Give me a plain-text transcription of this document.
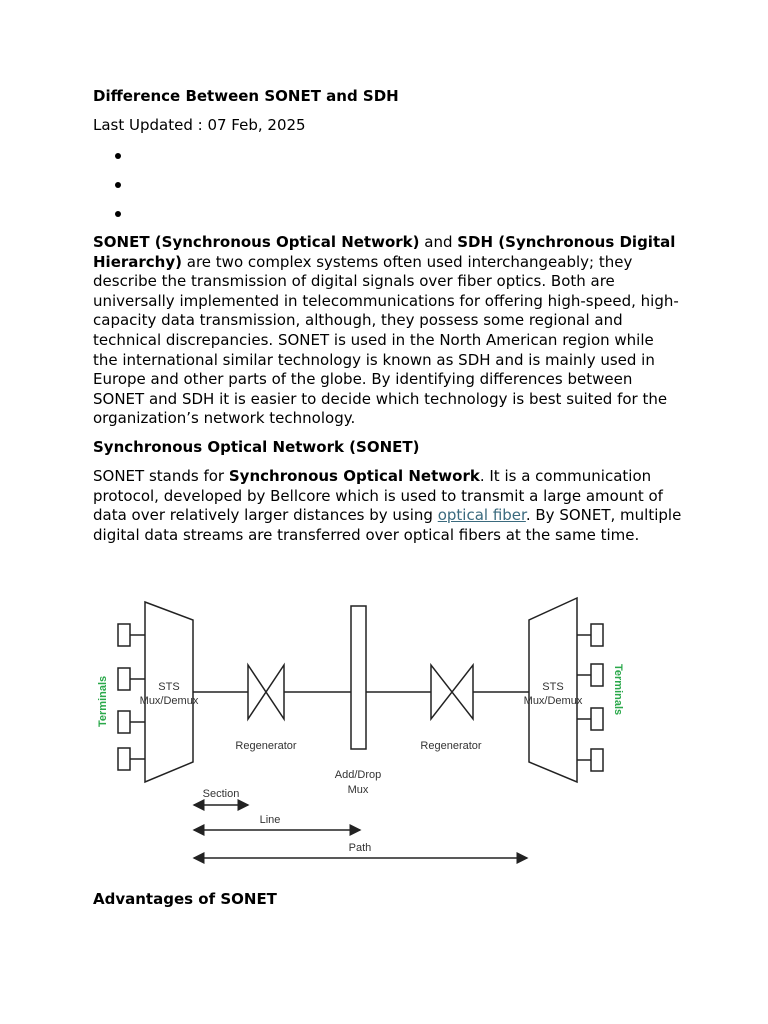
Difference Between SONET and SDH

Last Updated : 07 Feb, 2025

SONET (Synchronous Optical Network) and SDH (Synchronous Digital Hierarchy) are two complex systems often used interchangeably; they describe the transmission of digital signals over fiber optics. Both are universally implemented in telecommunications for offering high-speed, high-capacity data transmission, although, they possess some regional and technical discrepancies. SONET is used in the North American region while the international similar technology is known as SDH and is mainly used in Europe and other parts of the globe. By identifying differences between SONET and SDH it is easier to decide which technology is best suited for the organization’s network technology.

Synchronous Optical Network (SONET)

SONET stands for Synchronous Optical Network. It is a communication protocol, developed by Bellcore which is used to transmit a large amount of data over relatively larger distances by using optical fiber. By SONET, multiple digital data streams are transferred over optical fibers at the same time.

Terminals	Terminals
STS
Mux/Demux
STS
Mux/Demux
Regenerator	Regenerator
Add/Drop
Mux
Section
Line
Path

Advantages of SONET
